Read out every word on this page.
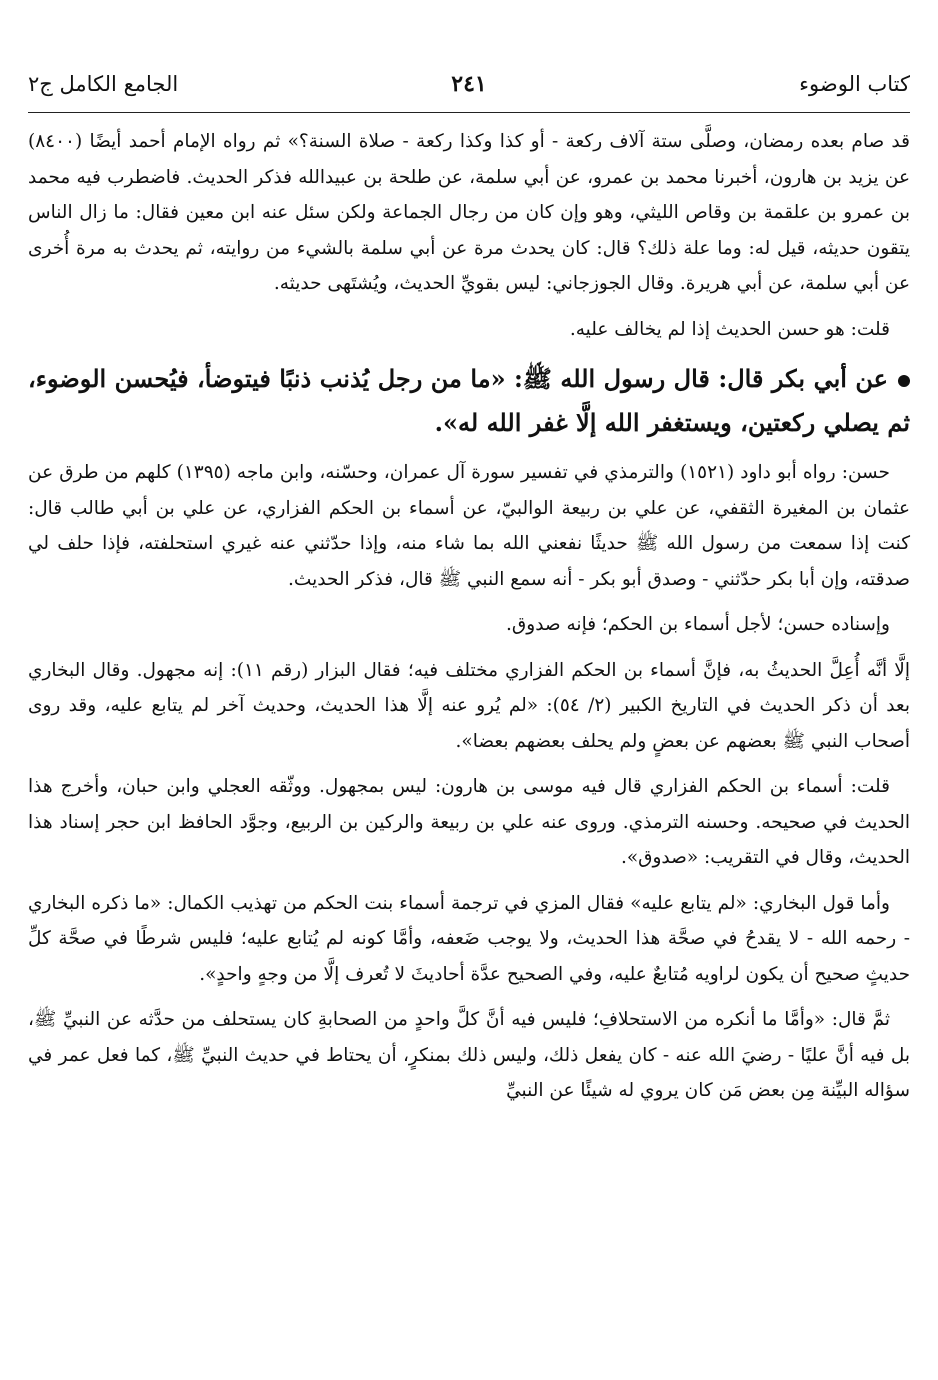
كتاب الوضوء
٢٤١
الجامع الكامل ج٢

قد صام بعده رمضان، وصلَّى ستة آلاف ركعة - أو كذا وكذا ركعة - صلاة السنة؟» ثم رواه الإمام أحمد أيضًا (٨٤٠٠) عن يزيد بن هارون، أخبرنا محمد بن عمرو، عن أبي سلمة، عن طلحة بن عبيدالله فذكر الحديث. فاضطرب فيه محمد بن عمرو بن علقمة بن وقاص الليثي، وهو وإن كان من رجال الجماعة ولكن سئل عنه ابن معين فقال: ما زال الناس يتقون حديثه، قيل له: وما علة ذلك؟ قال: كان يحدث مرة عن أبي سلمة بالشيء من روايته، ثم يحدث به مرة أُخرى عن أبي سلمة، عن أبي هريرة. وقال الجوزجاني: ليس بقويِّ الحديث، ويُشتَهى حديثه.

قلت: هو حسن الحديث إذا لم يخالف عليه.

عن أبي بكر قال: قال رسول الله ﷺ: «ما من رجل يُذنب ذنبًا فيتوضأ، فيُحسن الوضوء، ثم يصلي ركعتين، ويستغفر الله إلَّا غفر الله له».

حسن: رواه أبو داود (١٥٢١) والترمذي في تفسير سورة آل عمران، وحسّنه، وابن ماجه (١٣٩٥) كلهم من طرق عن عثمان بن المغيرة الثقفي، عن علي بن ربيعة الوالبيّ، عن أسماء بن الحكم الفزاري، عن علي بن أبي طالب قال: كنت إذا سمعت من رسول الله ﷺ حديثًا نفعني الله بما شاء منه، وإذا حدّثني عنه غيري استحلفته، فإذا حلف لي صدقته، وإن أبا بكر حدّثني - وصدق أبو بكر - أنه سمع النبي ﷺ قال، فذكر الحديث.

وإسناده حسن؛ لأجل أسماء بن الحكم؛ فإنه صدوق.

إلَّا أنَّه أُعِلَّ الحديثُ به، فإنَّ أسماء بن الحكم الفزاري مختلف فيه؛ فقال البزار (رقم ١١): إنه مجهول. وقال البخاري بعد أن ذكر الحديث في التاريخ الكبير (٢/ ٥٤): «لم يُرو عنه إلَّا هذا الحديث، وحديث آخر لم يتابع عليه، وقد روى أصحاب النبي ﷺ بعضهم عن بعضٍ ولم يحلف بعضهم بعضا».

قلت: أسماء بن الحكم الفزاري قال فيه موسى بن هارون: ليس بمجهول. ووثّقه العجلي وابن حبان، وأخرج هذا الحديث في صحيحه. وحسنه الترمذي. وروى عنه علي بن ربيعة والركين بن الربيع، وجوَّد الحافظ ابن حجر إسناد هذا الحديث، وقال في التقريب: «صدوق».

وأما قول البخاري: «لم يتابع عليه» فقال المزي في ترجمة أسماء بنت الحكم من تهذيب الكمال: «ما ذكره البخاري - رحمه الله - لا يقدحُ في صحَّة هذا الحديث، ولا يوجب ضَعفه، وأمَّا كونه لم يُتابع عليه؛ فليس شرطًا في صحَّة كلِّ حديثٍ صحيح أن يكون لراويه مُتابعٌ عليه، وفي الصحيح عدَّة أحاديثَ لا تُعرف إلَّا من وجهٍ واحدٍ».

ثمَّ قال: «وأمَّا ما أنكره من الاستحلافِ؛ فليس فيه أنَّ كلَّ واحدٍ من الصحابةِ كان يستحلف من حدَّثه عن النبيِّ ﷺ، بل فيه أنَّ عليًا - رضيَ الله عنه - كان يفعل ذلك، وليس ذلك بمنكرٍ، أن يحتاط في حديث النبيِّ ﷺ، كما فعل عمر في سؤاله البيِّنة مِن بعض مَن كان يروي له شيئًا عن النبيِّ
